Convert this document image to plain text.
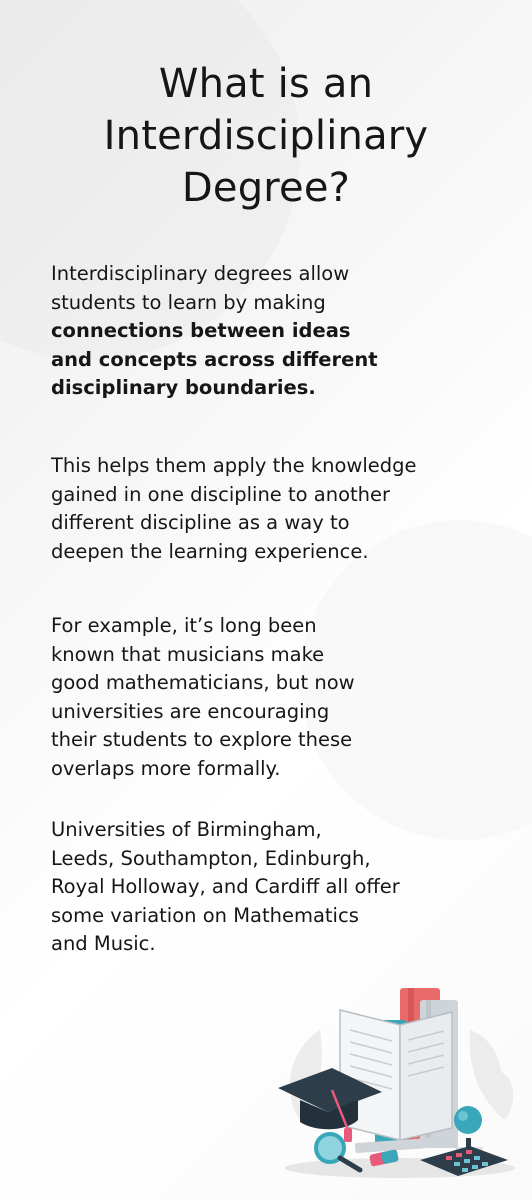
What is an
Interdisciplinary
Degree?

Interdisciplinary degrees allow
students to learn by making
connections between ideas
and concepts across different
disciplinary boundaries.

This helps them apply the knowledge
gained in one discipline to another
different discipline as a way to
deepen the learning experience.

For example, it’s long been
known that musicians make
good mathematicians, but now
universities are encouraging
their students to explore these
overlaps more formally.

Universities of Birmingham,
Leeds, Southampton, Edinburgh,
Royal Holloway, and Cardiff all offer
some variation on Mathematics
and Music.
